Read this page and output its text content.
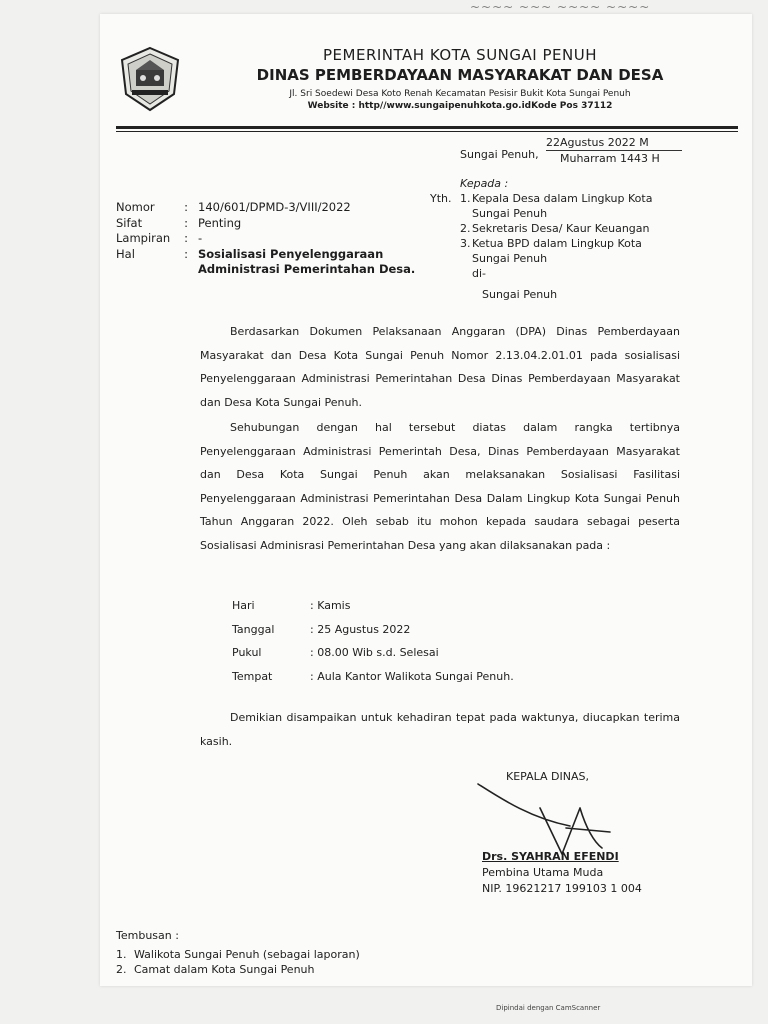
~~~~ ~~~ ~~~~ ~~~~
PEMERINTAH KOTA SUNGAI PENUH
DINAS PEMBERDAYAAN MASYARAKAT DAN DESA
Jl. Sri Soedewi Desa Koto Renah Kecamatan Pesisir Bukit Kota Sungai Penuh
Website : http//www.sungaipenuhkota.go.idKode Pos 37112
Sungai Penuh,
22Agustus 2022 M
Muharram 1443 H
Nomor	: 140/601/DPMD-3/VIII/2022
Sifat	: Penting
Lampiran	: -
Hal	: Sosialisasi Penyelenggaraan Administrasi Pemerintahan Desa.
Kepada :
Yth. 1. Kepala Desa dalam Lingkup Kota Sungai Penuh
2. Sekretaris Desa/ Kaur Keuangan
3. Ketua BPD dalam Lingkup Kota Sungai Penuh
di-
Sungai Penuh

Berdasarkan Dokumen Pelaksanaan Anggaran (DPA) Dinas Pemberdayaan Masyarakat dan Desa Kota Sungai Penuh Nomor 2.13.04.2.01.01 pada sosialisasi Penyelenggaraan Administrasi Pemerintahan Desa Dinas Pemberdayaan Masyarakat dan Desa Kota Sungai Penuh.

Sehubungan dengan hal tersebut diatas dalam rangka tertibnya Penyelenggaraan Administrasi Pemerintah Desa, Dinas Pemberdayaan Masyarakat dan Desa Kota Sungai Penuh akan melaksanakan Sosialisasi Fasilitasi Penyelenggaraan Administrasi Pemerintahan Desa Dalam Lingkup Kota Sungai Penuh Tahun Anggaran 2022. Oleh sebab itu mohon kepada saudara sebagai peserta Sosialisasi Adminisrasi Pemerintahan Desa yang akan dilaksanakan pada :

Hari	: Kamis
Tanggal	: 25 Agustus 2022
Pukul	: 08.00 Wib s.d. Selesai
Tempat	: Aula Kantor Walikota Sungai Penuh.

Demikian disampaikan untuk kehadiran tepat pada waktunya, diucapkan terima kasih.

KEPALA DINAS,
Drs. SYAHRAN EFENDI
Pembina Utama Muda
NIP. 19621217 199103 1 004
Tembusan :
1. Walikota Sungai Penuh (sebagai laporan)
2. Camat dalam Kota Sungai Penuh
Dipindai dengan CamScanner
